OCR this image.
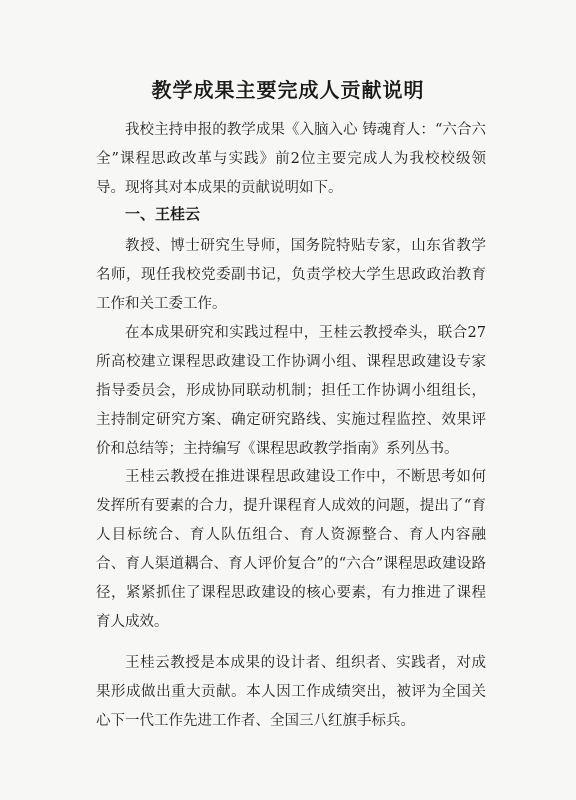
教学成果主要完成人贡献说明

我校主持申报的教学成果《入脑入心 铸魂育人：“六合六全”课程思政改革与实践》前2位主要完成人为我校校级领导。现将其对本成果的贡献说明如下。

一、王桂云

教授、博士研究生导师，国务院特贴专家，山东省教学名师，现任我校党委副书记，负责学校大学生思政政治教育工作和关工委工作。

在本成果研究和实践过程中，王桂云教授牵头，联合27所高校建立课程思政建设工作协调小组、课程思政建设专家指导委员会，形成协同联动机制；担任工作协调小组组长，主持制定研究方案、确定研究路线、实施过程监控、效果评价和总结等；主持编写《课程思政教学指南》系列丛书。

王桂云教授在推进课程思政建设工作中，不断思考如何发挥所有要素的合力，提升课程育人成效的问题，提出了“育人目标统合、育人队伍组合、育人资源整合、育人内容融合、育人渠道耦合、育人评价复合”的“六合”课程思政建设路径，紧紧抓住了课程思政建设的核心要素，有力推进了课程育人成效。

王桂云教授是本成果的设计者、组织者、实践者，对成果形成做出重大贡献。本人因工作成绩突出，被评为全国关心下一代工作先进工作者、全国三八红旗手标兵。
